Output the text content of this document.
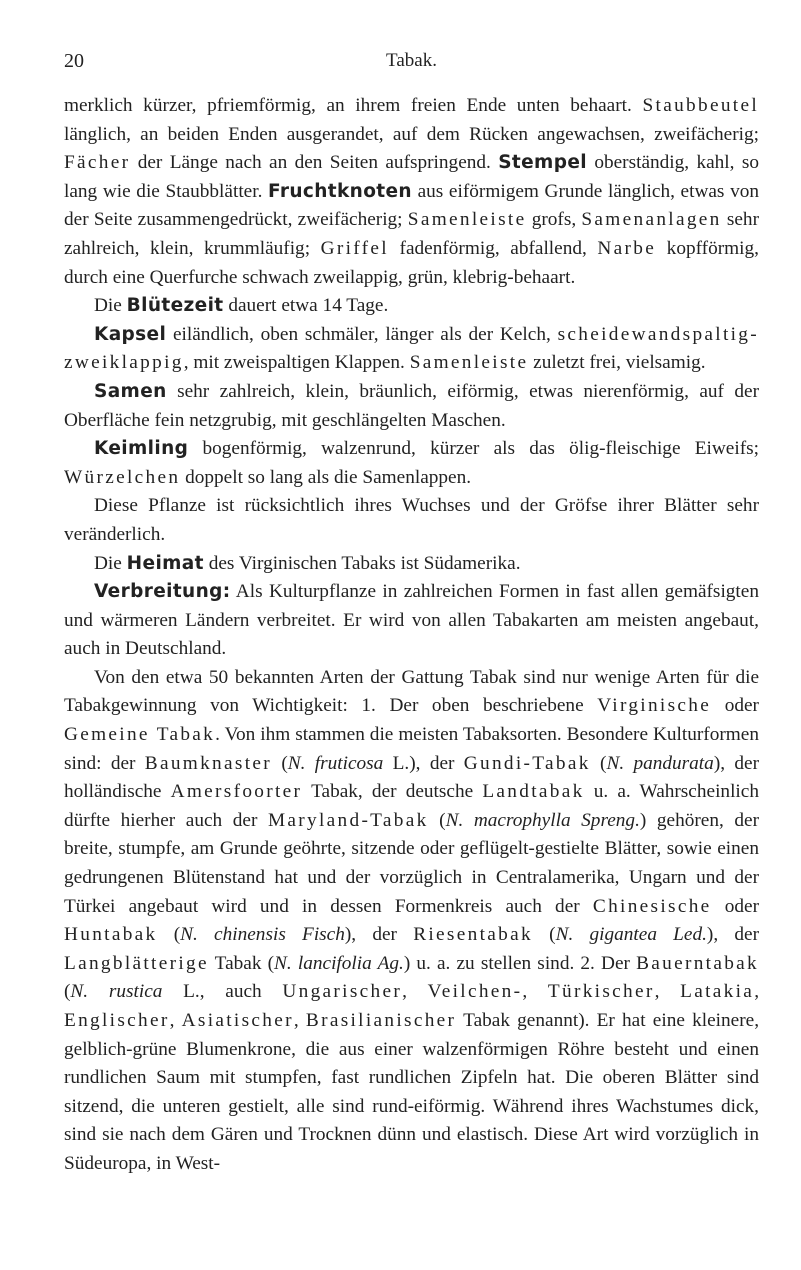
20	Tabak.

merklich kürzer, pfriemförmig, an ihrem freien Ende unten behaart. Staubbeutel länglich, an beiden Enden ausgerandet, auf dem Rücken angewachsen, zweifächerig; Fächer der Länge nach an den Seiten aufspringend. Stempel oberständig, kahl, so lang wie die Staubblätter. Fruchtknoten aus eiförmigem Grunde länglich, etwas von der Seite zusammengedrückt, zweifächerig; Samenleiste grofs, Samenanlagen sehr zahlreich, klein, krummläufig; Griffel fadenförmig, abfallend, Narbe kopfförmig, durch eine Querfurche schwach zweilappig, grün, klebrig-behaart.

Die Blütezeit dauert etwa 14 Tage.

Kapsel eiländlich, oben schmäler, länger als der Kelch, scheidewandspaltig-zweiklappig, mit zweispaltigen Klappen. Samenleiste zuletzt frei, vielsamig.

Samen sehr zahlreich, klein, bräunlich, eiförmig, etwas nierenförmig, auf der Oberfläche fein netzgrubig, mit geschlängelten Maschen.

Keimling bogenförmig, walzenrund, kürzer als das ölig-fleischige Eiweifs; Würzelchen doppelt so lang als die Samenlappen.

Diese Pflanze ist rücksichtlich ihres Wuchses und der Gröfse ihrer Blätter sehr veränderlich.

Die Heimat des Virginischen Tabaks ist Südamerika.

Verbreitung: Als Kulturpflanze in zahlreichen Formen in fast allen gemäfsigten und wärmeren Ländern verbreitet. Er wird von allen Tabakarten am meisten angebaut, auch in Deutschland.

Von den etwa 50 bekannten Arten der Gattung Tabak sind nur wenige Arten für die Tabakgewinnung von Wichtigkeit: 1. Der oben beschriebene Virginische oder Gemeine Tabak. Von ihm stammen die meisten Tabaksorten. Besondere Kulturformen sind: der Baumknaster (N. fruticosa L.), der Gundi-Tabak (N. pandurata), der holländische Amersfoorter Tabak, der deutsche Landtabak u. a. Wahrscheinlich dürfte hierher auch der Maryland-Tabak (N. macrophylla Spreng.) gehören, der breite, stumpfe, am Grunde geöhrte, sitzende oder geflügelt-gestielte Blätter, sowie einen gedrungenen Blütenstand hat und der vorzüglich in Centralamerika, Ungarn und der Türkei angebaut wird und in dessen Formenkreis auch der Chinesische oder Huntabak (N. chinensis Fisch), der Riesentabak (N. gigantea Led.), der Langblätterige Tabak (N. lancifolia Ag.) u. a. zu stellen sind. 2. Der Bauerntabak (N. rustica L., auch Ungarischer, Veilchen-, Türkischer, Latakia, Englischer, Asiatischer, Brasilianischer Tabak genannt). Er hat eine kleinere, gelblich-grüne Blumenkrone, die aus einer walzenförmigen Röhre besteht und einen rundlichen Saum mit stumpfen, fast rundlichen Zipfeln hat. Die oberen Blätter sind sitzend, die unteren gestielt, alle sind rund-eiförmig. Während ihres Wachstumes dick, sind sie nach dem Gären und Trocknen dünn und elastisch. Diese Art wird vorzüglich in Südeuropa, in West-
